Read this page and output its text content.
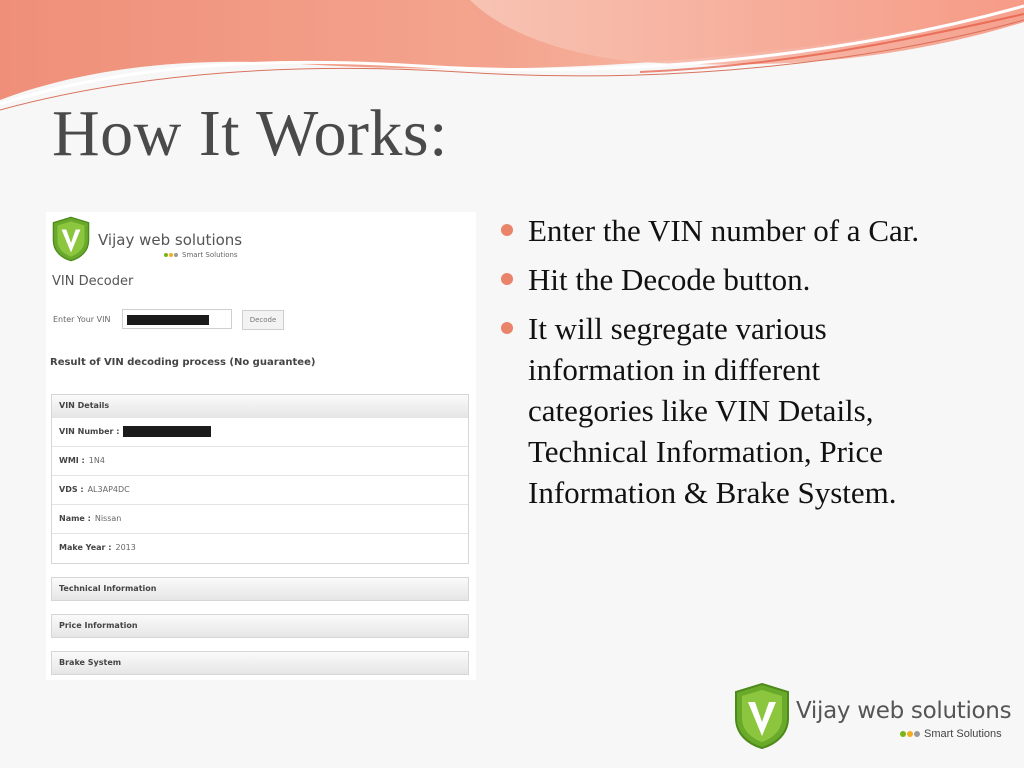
How It Works:
Vijay web solutions
Smart Solutions
VIN Decoder
Enter Your VIN	Decode
Result of VIN decoding process (No guarantee)
VIN Details
VIN Number :
WMI : 1N4
VDS : AL3AP4DC
Name : Nissan
Make Year : 2013
Technical Information
Price Information
Brake System
Enter the VIN number of a Car.
Hit the Decode button.
It will segregate various information in different categories like VIN Details, Technical Information, Price Information & Brake System.
Vijay web solutions
Smart Solutions
